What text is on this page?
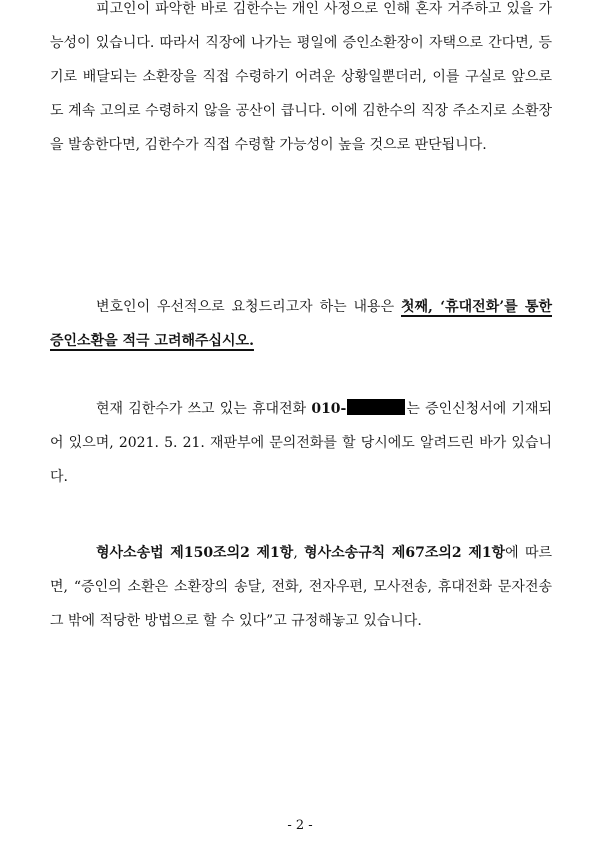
피고인이 파악한 바로 김한수는 개인 사정으로 인해 혼자 거주하고 있을 가능성이 있습니다. 따라서 직장에 나가는 평일에 증인소환장이 자택으로 간다면, 등기로 배달되는 소환장을 직접 수령하기 어려운 상황일뿐더러, 이를 구실로 앞으로도 계속 고의로 수령하지 않을 공산이 큽니다. 이에 김한수의 직장 주소지로 소환장을 발송한다면, 김한수가 직접 수령할 가능성이 높을 것으로 판단됩니다.

변호인이 우선적으로 요청드리고자 하는 내용은 첫째, ‘휴대전화’를 통한 증인소환을 적극 고려해주십시오.

현재 김한수가 쓰고 있는 휴대전화 010-	는 증인신청서에 기재되어 있으며, 2021. 5. 21. 재판부에 문의전화를 할 당시에도 알려드린 바가 있습니다.

형사소송법 제150조의2 제1항, 형사소송규칙 제67조의2 제1항에 따르면, “증인의 소환은 소환장의 송달, 전화, 전자우편, 모사전송, 휴대전화 문자전송 그 밖에 적당한 방법으로 할 수 있다”고 규정해놓고 있습니다.

- 2 -
